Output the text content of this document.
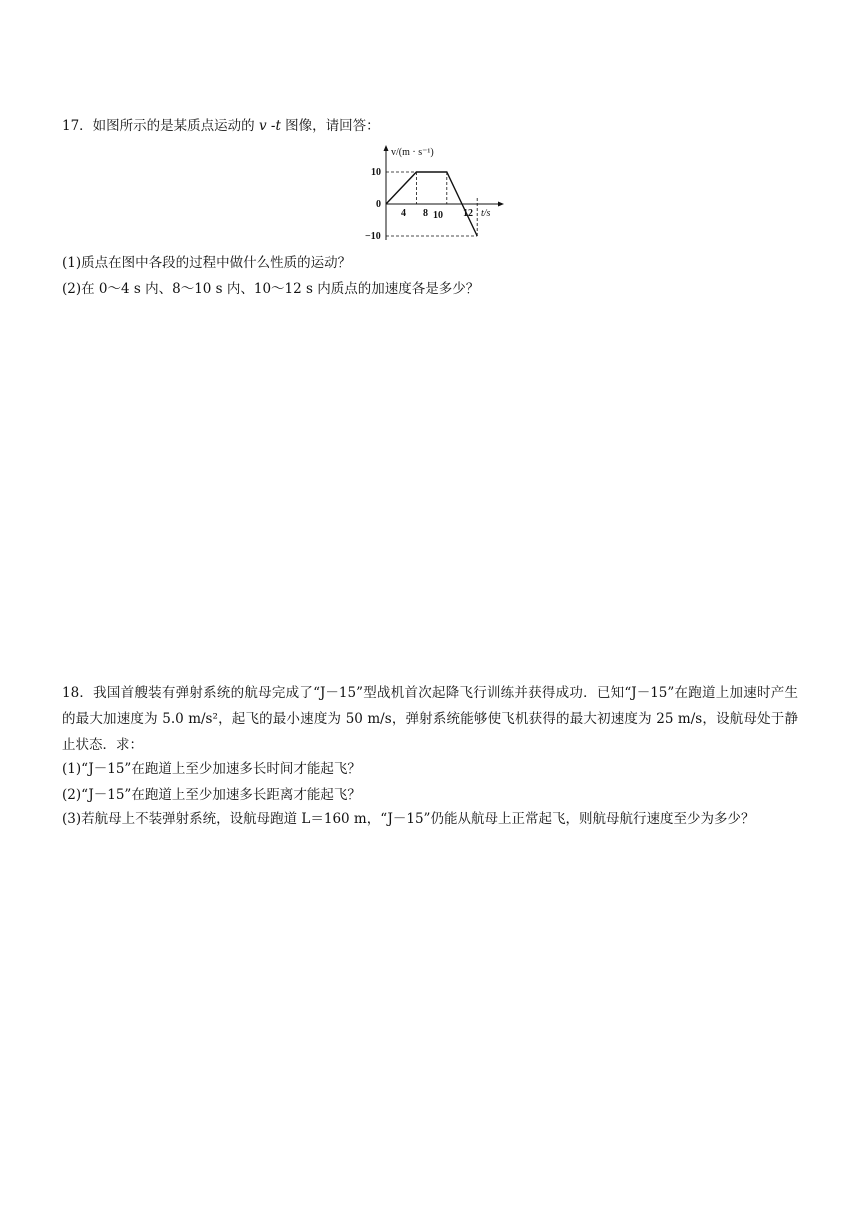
17．如图所示的是某质点运动的 v -t 图像，请回答：
v/(m · s⁻¹)
10
0
−10
4 8 10 12 t/s
(1)质点在图中各段的过程中做什么性质的运动？
(2)在 0～4 s 内、8～10 s 内、10～12 s 内质点的加速度各是多少？
18．我国首艘装有弹射系统的航母完成了“J－15”型战机首次起降飞行训练并获得成功．已知“J－15”在跑道上加速时产生的最大加速度为 5.0 m/s²，起飞的最小速度为 50 m/s，弹射系统能够使飞机获得的最大初速度为 25 m/s，设航母处于静止状态．求：
(1)“J－15”在跑道上至少加速多长时间才能起飞？
(2)“J－15”在跑道上至少加速多长距离才能起飞？
(3)若航母上不装弹射系统，设航母跑道 L＝160 m，“J－15”仍能从航母上正常起飞，则航母航行速度至少为多少？
